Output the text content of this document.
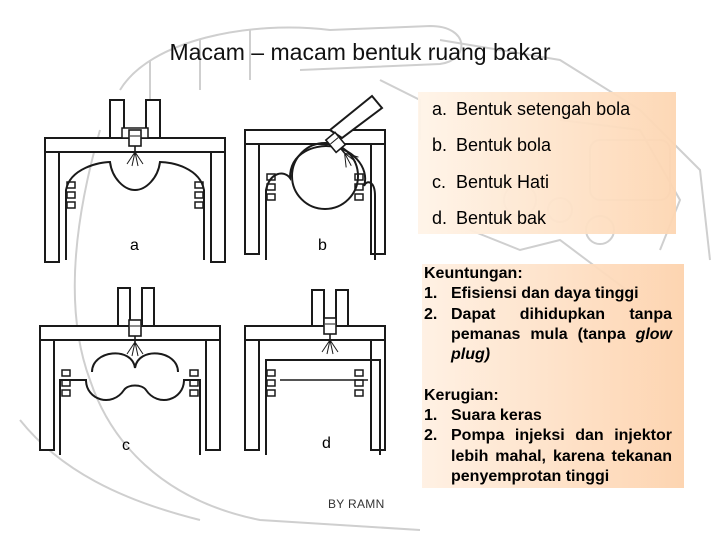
Macam – macam bentuk ruang bakar
a	b
c	d
a. Bentuk setengah bola
b. Bentuk bola
c. Bentuk Hati
d. Bentuk bak
Keuntungan:
1. Efisiensi dan daya tinggi
2. Dapat dihidupkan tanpa pemanas mula (tanpa glow plug)
Kerugian:
1. Suara keras
2. Pompa injeksi dan injektor lebih mahal, karena tekanan penyemprotan tinggi
BY RAMN
